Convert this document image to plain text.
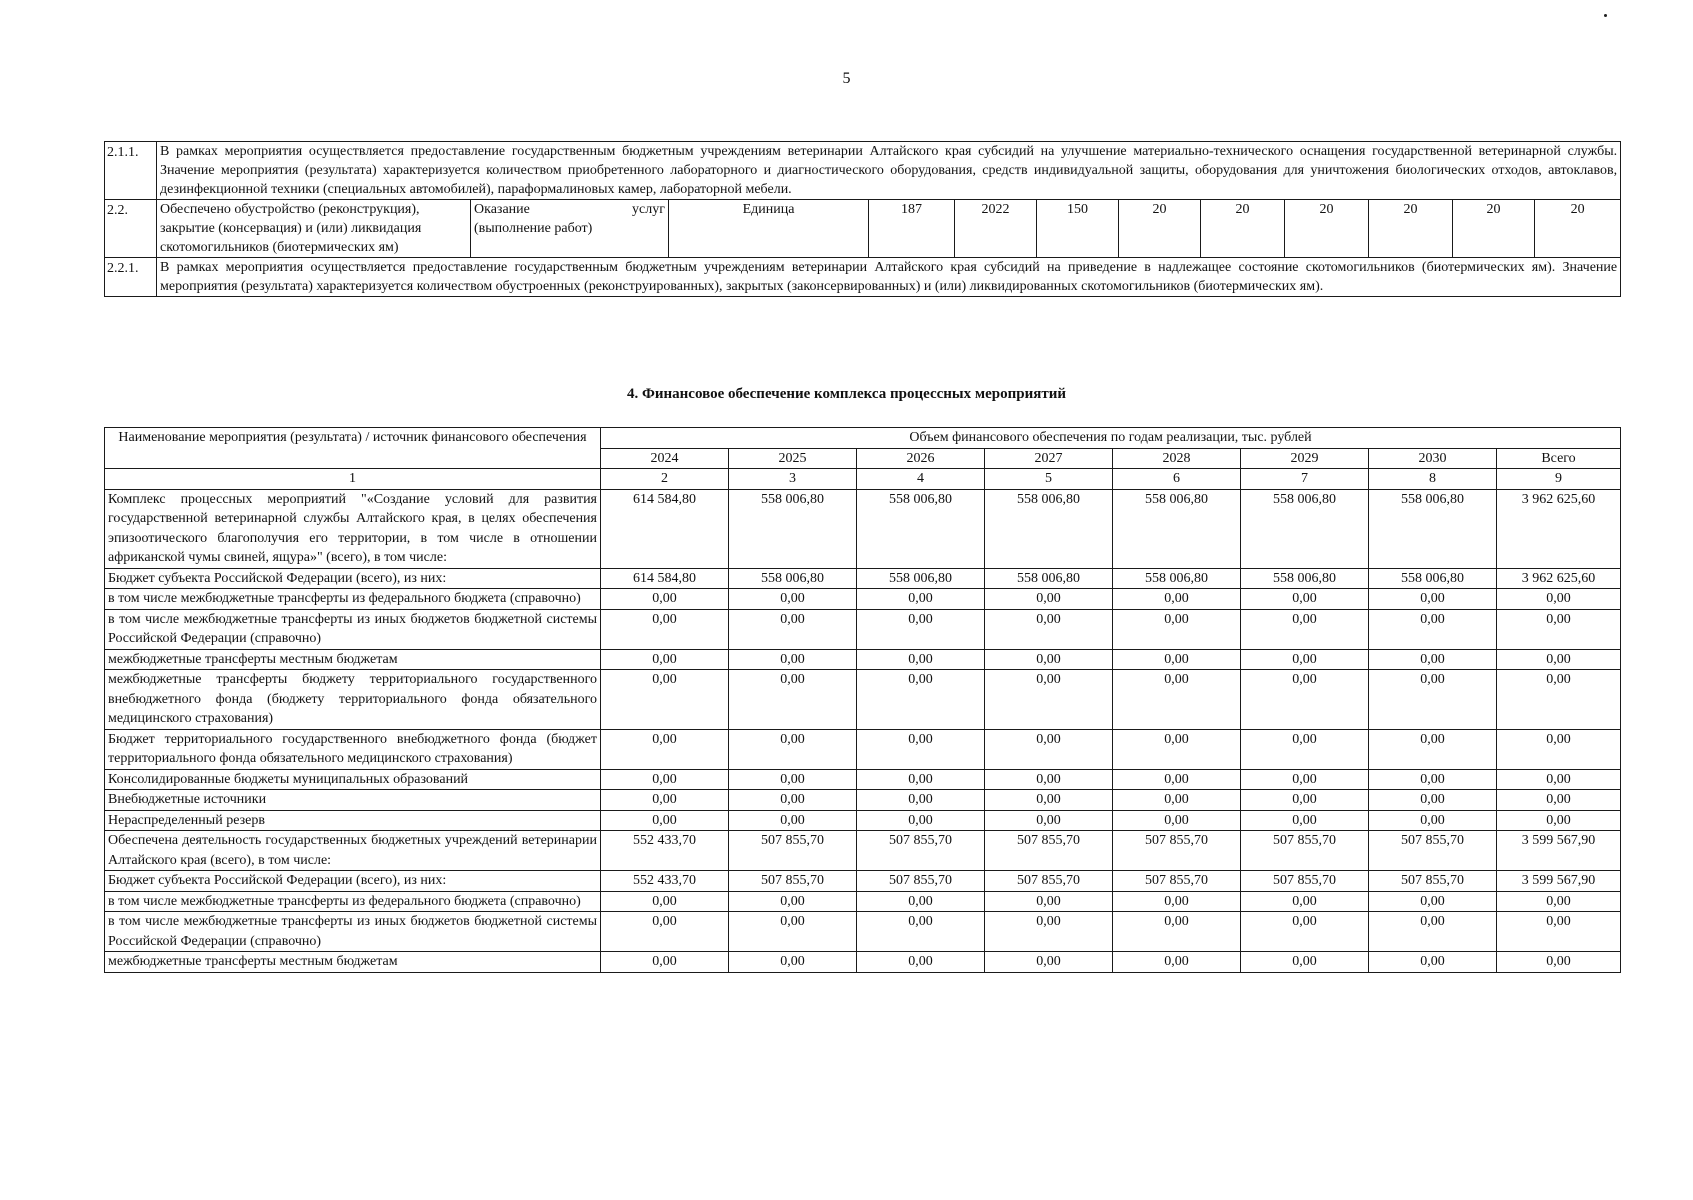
5
2.1.1.	В рамках мероприятия осуществляется предоставление государственным бюджетным учреждениям ветеринарии Алтайского края субсидий на улучшение материально-технического оснащения государственной ветеринарной службы. Значение мероприятия (результата) характеризуется количеством приобретенного лабораторного и диагностического оборудования, средств индивидуальной защиты, оборудования для уничтожения биологических отходов, автоклавов, дезинфекционной техники (специальных автомобилей), параформалиновых камер, лабораторной мебели.											
2.2.	Обеспечено обустройство (реконструкция), закрытие (консервация) и (или) ликвидация скотомогильников (биотермических ям)	Оказание услуг
(выполнение работ)	Единица	187	2022	150	20	20	20	20	20	20
2.2.1.	В рамках мероприятия осуществляется предоставление государственным бюджетным учреждениям ветеринарии Алтайского края субсидий на приведение в надлежащее состояние скотомогильников (биотермических ям). Значение мероприятия (результата) характеризуется количеством обустроенных (реконструированных), закрытых (законсервированных) и (или) ликвидированных скотомогильников (биотермических ям).											
4. Финансовое обеспечение комплекса процессных мероприятий
Наименование мероприятия (результата) / источник финансового обеспечения	Объем финансового обеспечения по годам реализации, тыс. рублей							
	2024	2025	2026	2027	2028	2029	2030	Всего
1	2	3	4	5	6	7	8	9
Комплекс процессных мероприятий "«Создание условий для развития государственной ветеринарной службы Алтайского края, в целях обеспечения эпизоотического благополучия его территории, в том числе в отношении африканской чумы свиней, ящура»" (всего), в том числе:	614 584,80	558 006,80	558 006,80	558 006,80	558 006,80	558 006,80	558 006,80	3 962 625,60
Бюджет субъекта Российской Федерации (всего), из них:	614 584,80	558 006,80	558 006,80	558 006,80	558 006,80	558 006,80	558 006,80	3 962 625,60
в том числе межбюджетные трансферты из федерального бюджета (справочно)	0,00	0,00	0,00	0,00	0,00	0,00	0,00	0,00
в том числе межбюджетные трансферты из иных бюджетов бюджетной системы Российской Федерации (справочно)	0,00	0,00	0,00	0,00	0,00	0,00	0,00	0,00
межбюджетные трансферты местным бюджетам	0,00	0,00	0,00	0,00	0,00	0,00	0,00	0,00
межбюджетные трансферты бюджету территориального государственного внебюджетного фонда (бюджету территориального фонда обязательного медицинского страхования)	0,00	0,00	0,00	0,00	0,00	0,00	0,00	0,00
Бюджет территориального государственного внебюджетного фонда (бюджет территориального фонда обязательного медицинского страхования)	0,00	0,00	0,00	0,00	0,00	0,00	0,00	0,00
Консолидированные бюджеты муниципальных образований	0,00	0,00	0,00	0,00	0,00	0,00	0,00	0,00
Внебюджетные источники	0,00	0,00	0,00	0,00	0,00	0,00	0,00	0,00
Нераспределенный резерв	0,00	0,00	0,00	0,00	0,00	0,00	0,00	0,00
Обеспечена деятельность государственных бюджетных учреждений ветеринарии Алтайского края (всего), в том числе:	552 433,70	507 855,70	507 855,70	507 855,70	507 855,70	507 855,70	507 855,70	3 599 567,90
Бюджет субъекта Российской Федерации (всего), из них:	552 433,70	507 855,70	507 855,70	507 855,70	507 855,70	507 855,70	507 855,70	3 599 567,90
в том числе межбюджетные трансферты из федерального бюджета (справочно)	0,00	0,00	0,00	0,00	0,00	0,00	0,00	0,00
в том числе межбюджетные трансферты из иных бюджетов бюджетной системы Российской Федерации (справочно)	0,00	0,00	0,00	0,00	0,00	0,00	0,00	0,00
межбюджетные трансферты местным бюджетам	0,00	0,00	0,00	0,00	0,00	0,00	0,00	0,00
